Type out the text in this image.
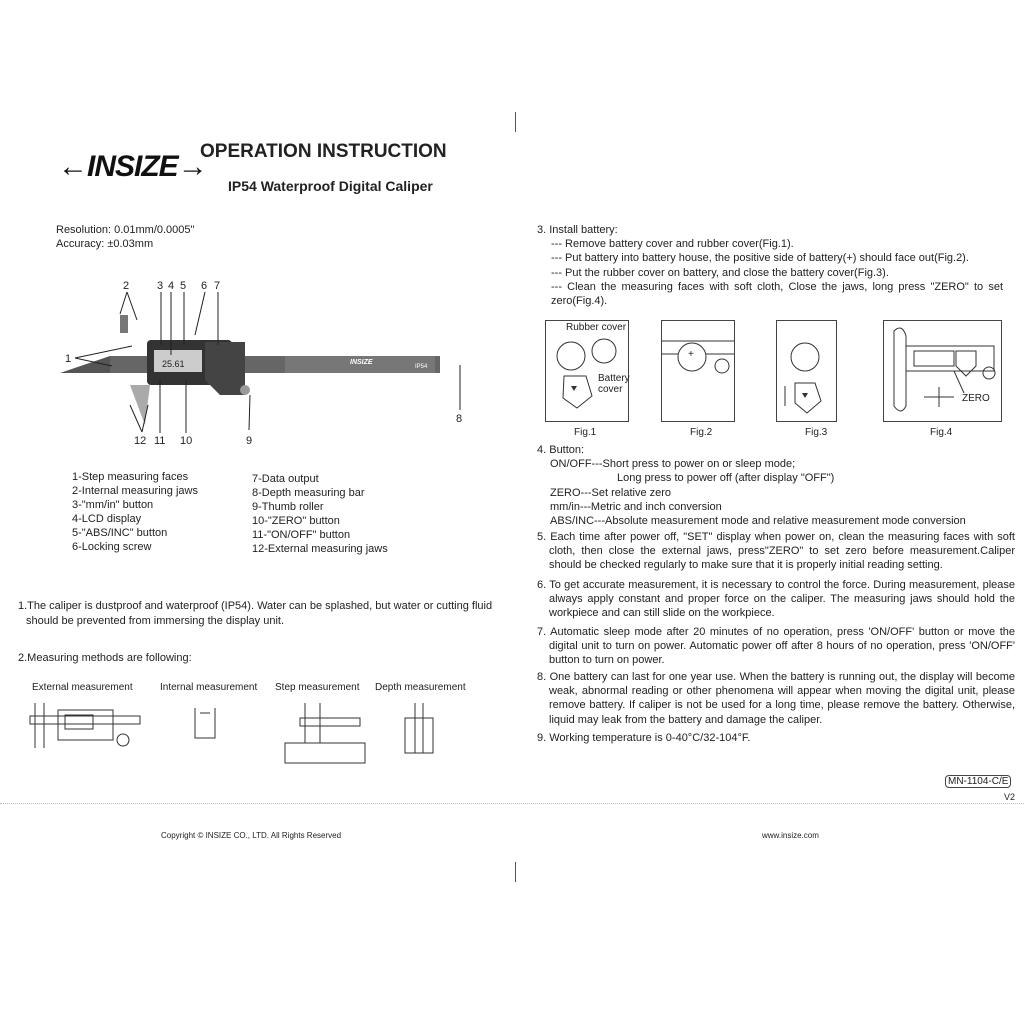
←INSIZE→
OPERATION INSTRUCTION
IP54 Waterproof Digital Caliper
Resolution: 0.01mm/0.0005"
Accuracy: ±0.03mm
25.61	INSIZE
IP54
1
2	3 4 5 6 7
8
9
10
11
12
1-Step measuring faces
2-Internal measuring jaws
3-"mm/in" button
4-LCD display
5-"ABS/INC" button
6-Locking screw
7-Data output
8-Depth measuring bar
9-Thumb roller
10-"ZERO" button
11-"ON/OFF" button
12-External measuring jaws
1.The caliper is dustproof and waterproof (IP54). Water can be splashed, but water or cutting fluid should be prevented from immersing the display unit.
2.Measuring methods are following:
External measurement	Internal measurement Step measurement Depth measurement
3. Install battery:
--- Remove battery cover and rubber cover(Fig.1).
--- Put battery into battery house, the positive side of battery(+) should face out(Fig.2).
--- Put the rubber cover on battery, and close the battery cover(Fig.3).
--- Clean the measuring faces with soft cloth, Close the jaws, long press "ZERO" to set zero(Fig.4).
Rubber cover
Battery cover
+
ZERO
Fig.1	Fig.2	Fig.3	Fig.4
4. Button:
ON/OFF---Short press to power on or sleep mode;
Long press to power off (after display "OFF")
ZERO---Set relative zero
mm/in---Metric and inch conversion
ABS/INC---Absolute measurement mode and relative measurement mode conversion
5. Each time after power off, "SET" display when power on, clean the measuring faces with soft cloth, then close the external jaws, press"ZERO" to set zero before measurement.Caliper should be checked regularly to make sure that it is properly initial reading setting.
6. To get accurate measurement, it is necessary to control the force. During measurement, please always apply constant and proper force on the caliper. The measuring jaws should hold the workpiece and can still slide on the workpiece.
7. Automatic sleep mode after 20 minutes of no operation, press 'ON/OFF' button or move the digital unit to turn on power. Automatic power off after 8 hours of no operation, press 'ON/OFF' button to turn on power.
8. One battery can last for one year use. When the battery is running out, the display will become weak, abnormal reading or other phenomena will appear when moving the digital unit, please remove battery. If caliper is not be used for a long time, please remove the battery. Otherwise, liquid may leak from the battery and damage the caliper.
9. Working temperature is 0-40°C/32-104°F.
MN-1104-C/E
V2
Copyright © INSIZE CO., LTD. All Rights Reserved	www.insize.com
